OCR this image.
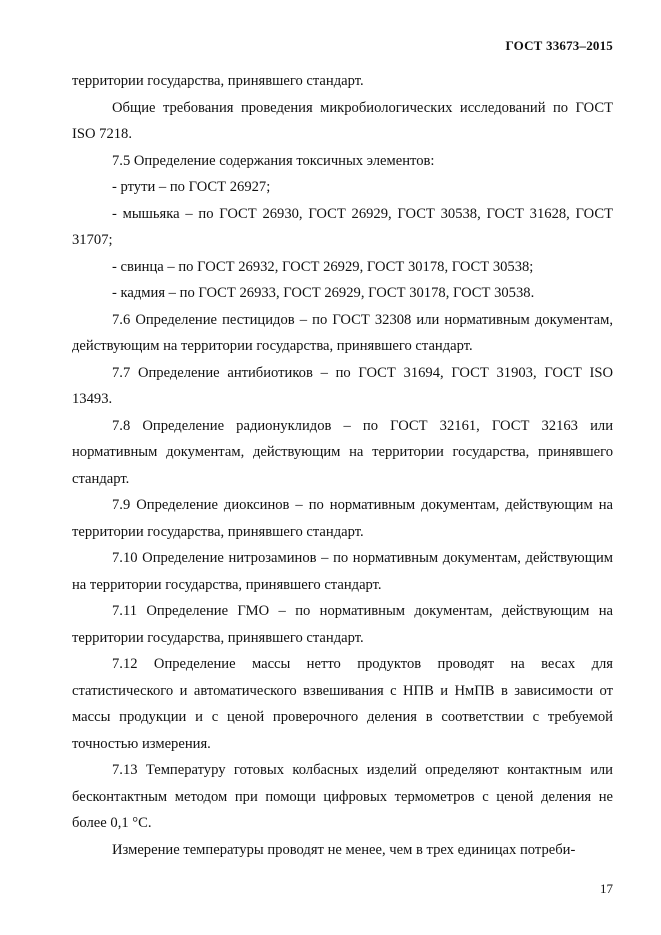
ГОСТ 33673–2015

территории государства, принявшего стандарт.

Общие требования проведения микробиологических исследований по ГОСТ ISO 7218.

7.5 Определение содержания токсичных элементов:

- ртути – по ГОСТ 26927;

- мышьяка – по ГОСТ 26930, ГОСТ 26929, ГОСТ 30538, ГОСТ 31628, ГОСТ 31707;

- свинца – по ГОСТ 26932, ГОСТ 26929, ГОСТ 30178, ГОСТ 30538;

- кадмия – по ГОСТ 26933, ГОСТ 26929, ГОСТ 30178, ГОСТ 30538.

7.6 Определение пестицидов – по ГОСТ 32308 или нормативным документам, действующим на территории государства, принявшего стандарт.

7.7 Определение антибиотиков – по ГОСТ 31694, ГОСТ 31903, ГОСТ ISO 13493.

7.8 Определение радионуклидов – по ГОСТ 32161, ГОСТ 32163 или нормативным документам, действующим на территории государства, принявшего стандарт.

7.9 Определение диоксинов – по нормативным документам, действующим на территории государства, принявшего стандарт.

7.10 Определение нитрозаминов – по нормативным документам, действующим на территории государства, принявшего стандарт.

7.11 Определение ГМО – по нормативным документам, действующим на территории государства, принявшего стандарт.

7.12 Определение массы нетто продуктов проводят на весах для статистического и автоматического взвешивания с НПВ и НмПВ в зависимости от массы продукции и с ценой проверочного деления в соответствии с требуемой точностью измерения.

7.13 Температуру готовых колбасных изделий определяют контактным или бесконтактным методом при помощи цифровых термометров с ценой деления не более 0,1 °С.

Измерение температуры проводят не менее, чем в трех единицах потреби-

17
